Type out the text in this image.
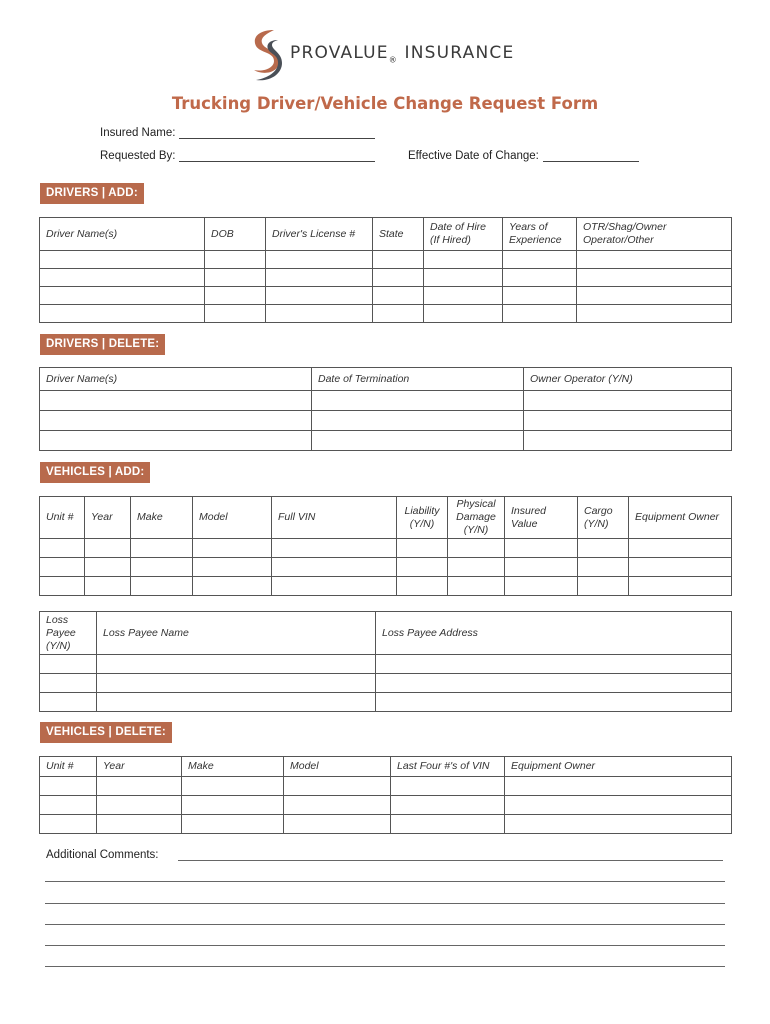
$PROVALUE_®$ INSURANCE
Trucking Driver/Vehicle Change Request Form
Insured Name:
Requested By:	Effective Date of Change:
DRIVERS | ADD:
Driver Name(s)	DOB	Driver's License #	State	Date of Hire (If Hired)	Years of Experience	OTR/Shag/Owner Operator/Other

DRIVERS | DELETE:
Driver Name(s)	Date of Termination	Owner Operator (Y/N)

VEHICLES | ADD:
Unit #	Year	Make	Model	Full VIN	Liability (Y/N)	Physical Damage (Y/N)	Insured Value	Cargo (Y/N)	Equipment Owner

Loss Payee (Y/N)	Loss Payee Name	Loss Payee Address

VEHICLES | DELETE:
Unit #	Year	Make	Model	Last Four #'s of VIN	Equipment Owner

Additional Comments:
